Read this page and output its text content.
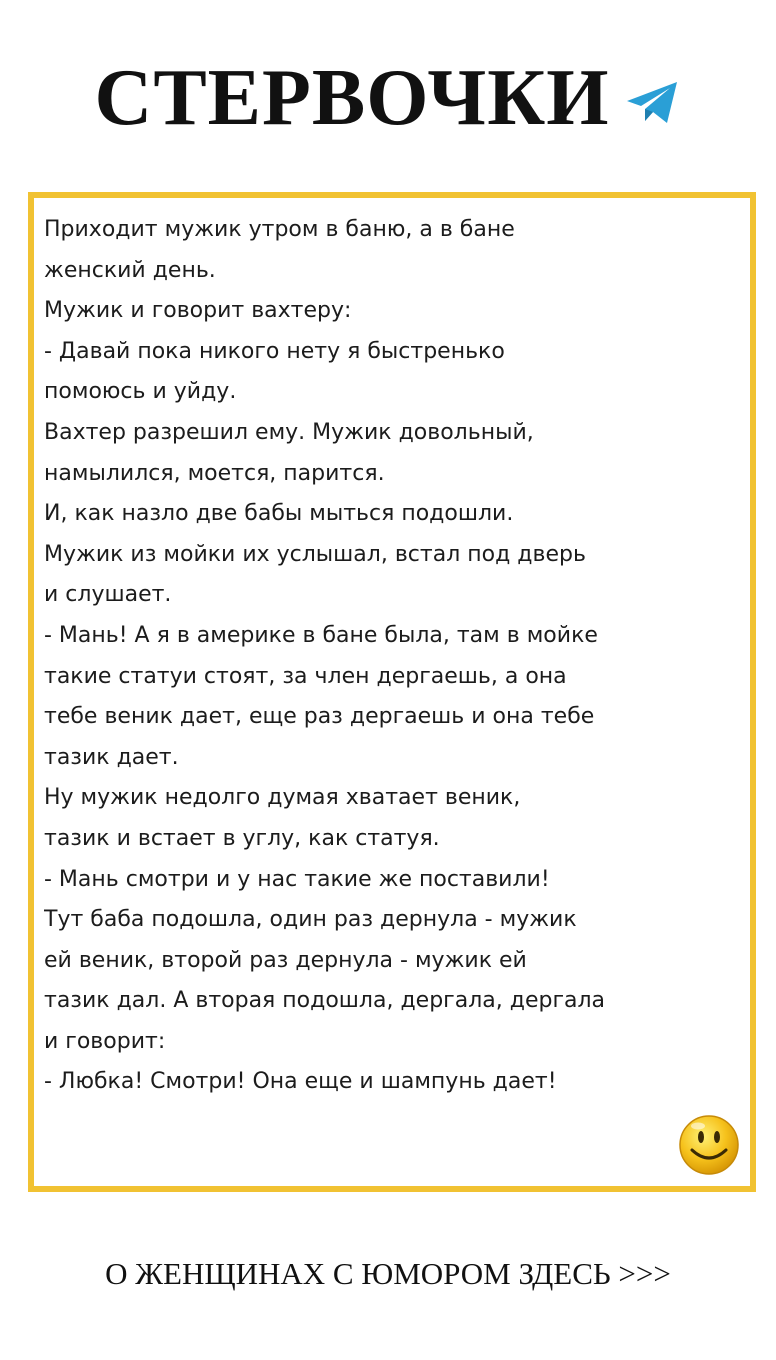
СТЕРВОЧКИ
Приходит мужик утром в баню, а в бане
женский день.
Мужик и говорит вахтеру:
- Давай пока никого нету я быстренько
помоюсь и уйду.
Вахтер разрешил ему. Мужик довольный,
намылился, моется, парится.
И, как назло две бабы мыться подошли.
Мужик из мойки их услышал, встал под дверь
и слушает.
- Мань! А я в америке в бане была, там в мойке
такие статуи стоят, за член дергаешь, а она
тебе веник дает, еще раз дергаешь и она тебе
тазик дает.
Ну мужик недолго думая хватает веник,
тазик и встает в углу, как статуя.
- Мань смотри и у нас такие же поставили!
Тут баба подошла, один раз дернула - мужик
ей веник, второй раз дернула - мужик ей
тазик дал. А вторая подошла, дергала, дергала
и говорит:
- Любка! Смотри! Она еще и шампунь дает!
О ЖЕНЩИНАХ С ЮМОРОМ ЗДЕСЬ >>>
